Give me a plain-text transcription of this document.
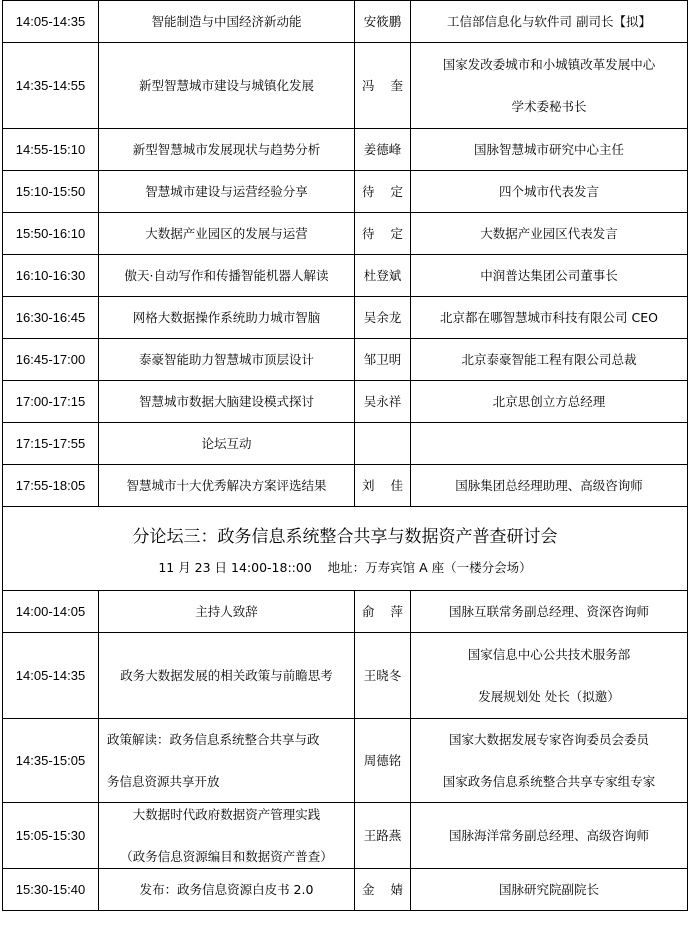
14:05-14:35	智能制造与中国经济新动能	安筱鹏	工信部信息化与软件司 副司长【拟】

14:35-14:55	新型智慧城市建设与城镇化发展	冯    奎	国家发改委城市和小城镇改革发展中心
学术委秘书长

14:55-15:10	新型智慧城市发展现状与趋势分析	姜德峰	国脉智慧城市研究中心主任

15:10-15:50	智慧城市建设与运营经验分享	待    定	四个城市代表发言

15:50-16:10	大数据产业园区的发展与运营	待    定	大数据产业园区代表发言

16:10-16:30	傲天·自动写作和传播智能机器人解读	杜登斌	中润普达集团公司董事长

16:30-16:45	网格大数据操作系统助力城市智脑	吴余龙	北京都在哪智慧城市科技有限公司 CEO

16:45-17:00	泰豪智能助力智慧城市顶层设计	邹卫明	北京泰豪智能工程有限公司总裁

17:00-17:15	智慧城市数据大脑建设模式探讨	吴永祥	北京思创立方总经理

17:15-17:55	论坛互动		

17:55-18:05	智慧城市十大优秀解决方案评选结果	刘    佳	国脉集团总经理助理、高级咨询师

分论坛三：政务信息系统整合共享与数据资产普查研讨会
11 月 23 日 14:00-18::00    地址：万寿宾馆 A 座（一楼分会场）			

14:00-14:05	主持人致辞	俞    萍	国脉互联常务副总经理、资深咨询师

14:05-14:35	政务大数据发展的相关政策与前瞻思考	王晓冬	国家信息中心公共技术服务部
发展规划处 处长（拟邀）

14:35-15:05	政策解读：政务信息系统整合共享与政
务信息资源共享开放	周德铭	国家大数据发展专家咨询委员会委员
国家政务信息系统整合共享专家组专家

15:05-15:30	大数据时代政府数据资产管理实践
（政务信息资源编目和数据资产普查）	王路燕	国脉海洋常务副总经理、高级咨询师

15:30-15:40	发布：政务信息资源白皮书 2.0	金    婧	国脉研究院副院长
